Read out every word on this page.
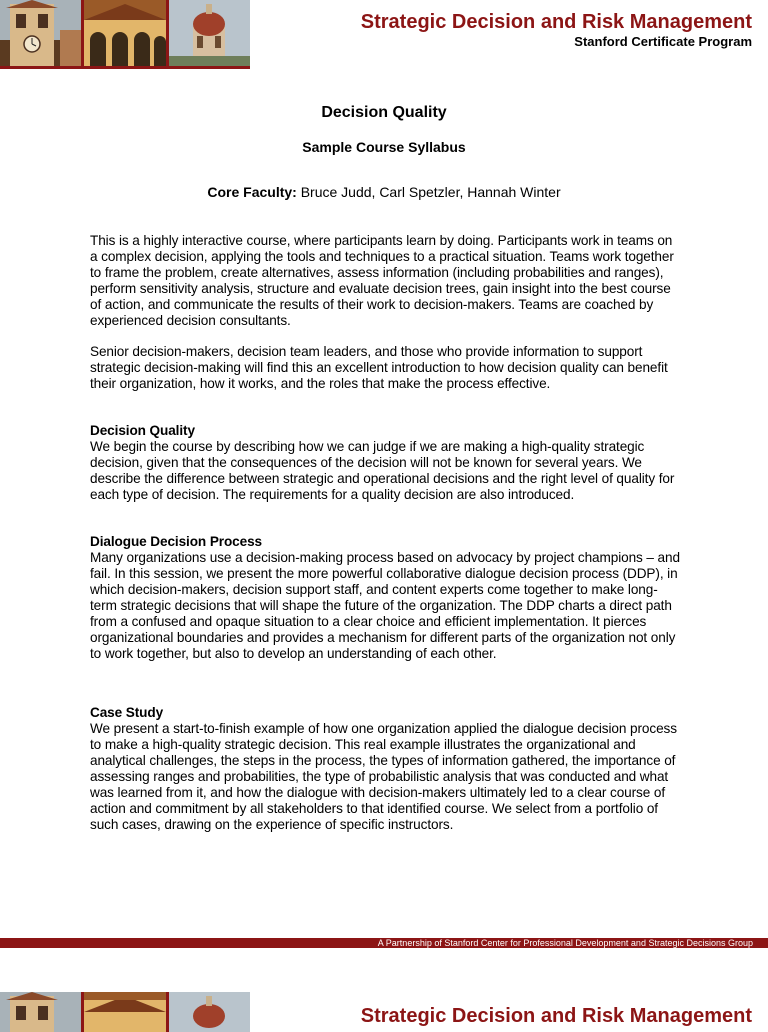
Strategic Decision and Risk Management
Stanford Certificate Program
Decision Quality
Sample Course Syllabus
Core Faculty: Bruce Judd, Carl Spetzler, Hannah Winter

This is a highly interactive course, where participants learn by doing. Participants work in teams on a complex decision, applying the tools and techniques to a practical situation. Teams work together to frame the problem, create alternatives, assess information (including probabilities and ranges), perform sensitivity analysis, structure and evaluate decision trees, gain insight into the best course of action, and communicate the results of their work to decision-makers. Teams are coached by experienced decision consultants.

Senior decision-makers, decision team leaders, and those who provide information to support strategic decision-making will find this an excellent introduction to how decision quality can benefit their organization, how it works, and the roles that make the process effective.

Decision Quality

We begin the course by describing how we can judge if we are making a high-quality strategic decision, given that the consequences of the decision will not be known for several years. We describe the difference between strategic and operational decisions and the right level of quality for each type of decision. The requirements for a quality decision are also introduced.

Dialogue Decision Process

Many organizations use a decision-making process based on advocacy by project champions – and fail. In this session, we present the more powerful collaborative dialogue decision process (DDP), in which decision-makers, decision support staff, and content experts come together to make long-term strategic decisions that will shape the future of the organization. The DDP charts a direct path from a confused and opaque situation to a clear choice and efficient implementation. It pierces organizational boundaries and provides a mechanism for different parts of the organization not only to work together, but also to develop an understanding of each other.

Case Study

We present a start-to-finish example of how one organization applied the dialogue decision process to make a high-quality strategic decision. This real example illustrates the organizational and analytical challenges, the steps in the process, the types of information gathered, the importance of assessing ranges and probabilities, the type of probabilistic analysis that was conducted and what was learned from it, and how the dialogue with decision-makers ultimately led to a clear course of action and commitment by all stakeholders to that identified course. We select from a portfolio of such cases, drawing on the experience of specific instructors.

A Partnership of Stanford Center for Professional Development and Strategic Decisions Group
Strategic Decision and Risk Management
